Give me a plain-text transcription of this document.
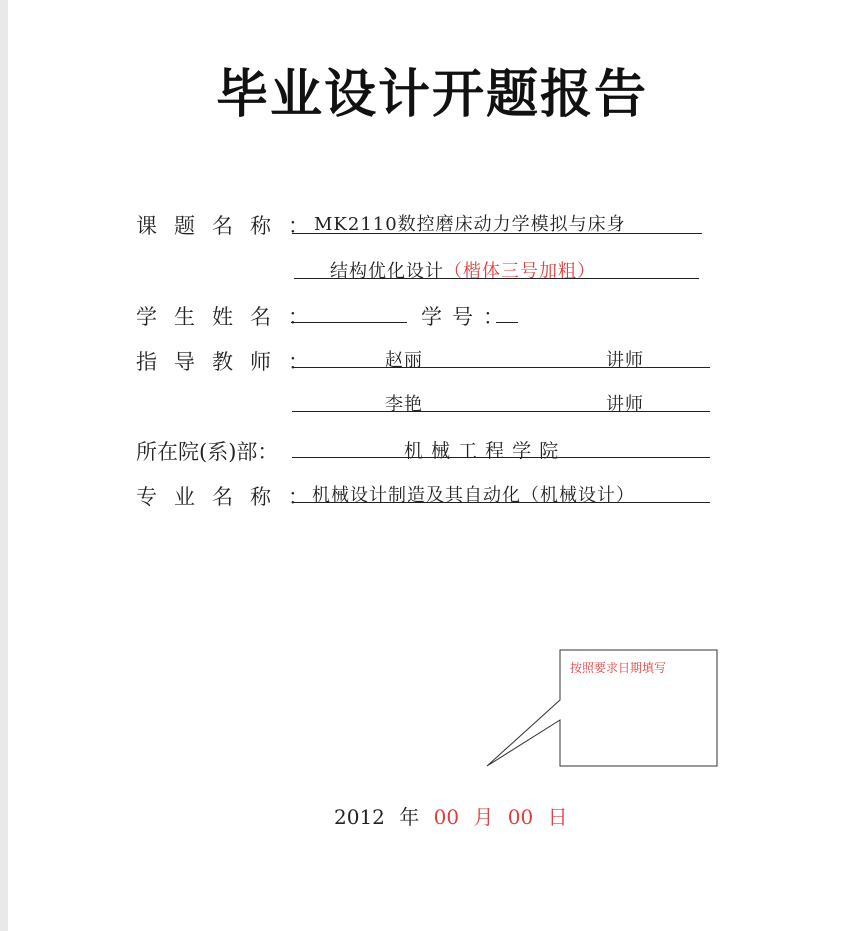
毕业设计开题报告
课题名称：
MK2110数控磨床动力学模拟与床身
结构优化设计（楷体三号加粗）
学生姓名：	学号：
指导教师：	赵丽	讲师
李艳	讲师
所在院(系)部：	机 械 工 程 学 院
专业名称：
机械设计制造及其自动化（机械设计）
按照要求日期填写
2012 年 00 月 00 日
